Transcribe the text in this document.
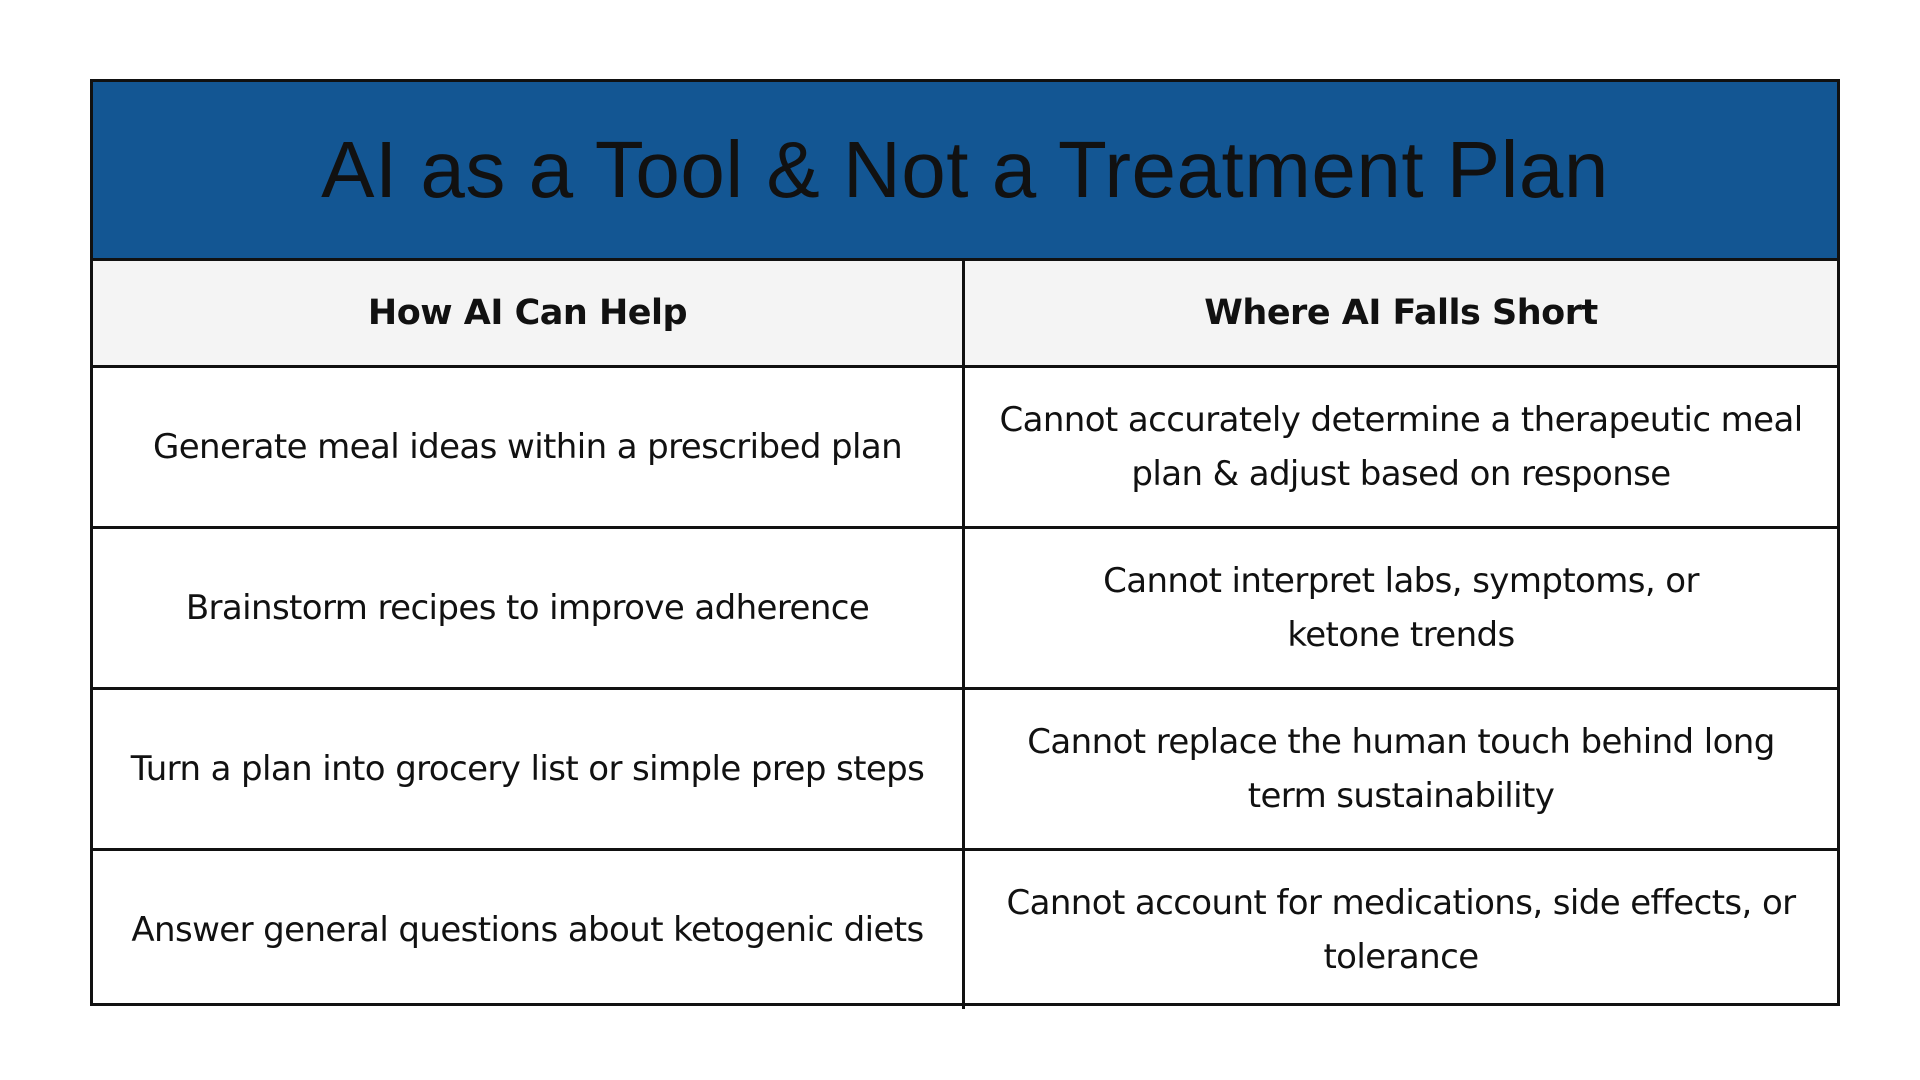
AI as a Tool & Not a Treatment Plan
How AI Can Help	Where AI Falls Short
Generate meal ideas within a prescribed plan
Cannot accurately determine a therapeutic meal plan & adjust based on response
Brainstorm recipes to improve adherence
Cannot interpret labs, symptoms, or ketone trends
Turn a plan into grocery list or simple prep steps
Cannot replace the human touch behind long term sustainability
Answer general questions about ketogenic diets
Cannot account for medications, side effects, or tolerance
